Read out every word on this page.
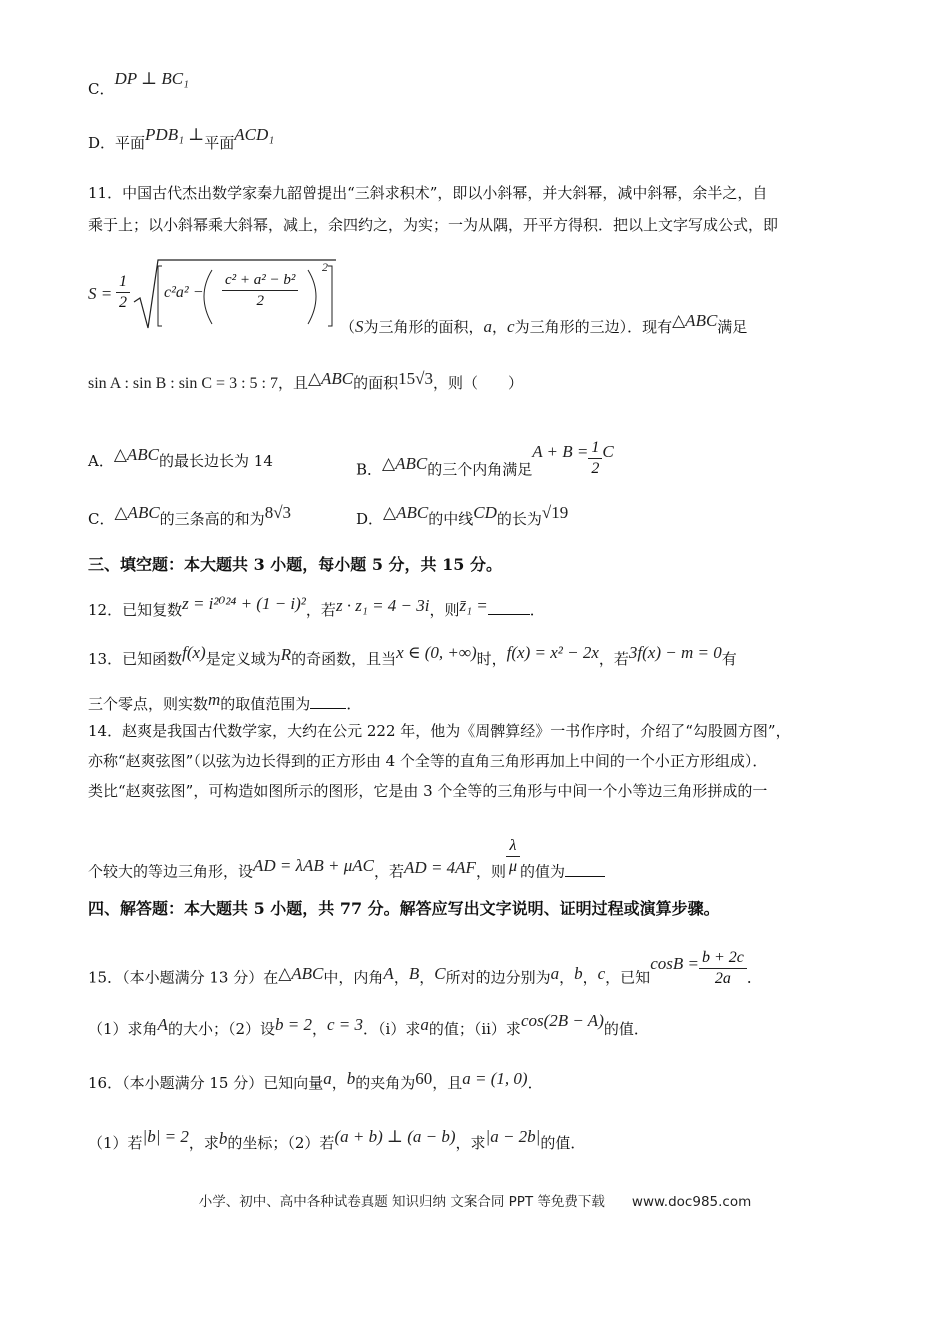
C．DP ⊥ BC₁
D．平面PDB₁ ⊥平面ACD₁
11．中国古代杰出数学家秦九韶曾提出“三斜求积术”，即以小斜幂，并大斜幂，减中斜幂，余半之，自
乘于上；以小斜幂乘大斜幂，减上，余四约之，为实；一为从隅，开平方得积．把以上文字写成公式，即
$S = \frac{1}{2} c^2a^2 - \frac{\text{c² + a² − b²}}{2}$
2
（S为三角形的面积，a，c为三角形的三边）．现有△ABC满足
sin A : sin B : sin C = 3 : 5 : 7，且△ABC的面积15√3，则（　　）
A．△ABC的最长边长为 14	B．△ABC的三个内角满足$A + B = \frac{1}{2}$ C
C．△ABC的三条高的和为8√3	D．△ABC的中线CD的长为√19
三、填空题：本大题共 3 小题，每小题 5 分，共 15 分。
12．已知复数z = i²⁰²⁴ + (1 − i)²，若z · z₁ = 4 − 3i，则z̄₁ =	．
13．已知函数f(x)是定义域为R的奇函数，且当x ∈ (0, +∞)时，f(x) = x² − 2x，若3f(x) − m = 0有
三个零点，则实数m的取值范围为 ．
14．赵爽是我国古代数学家，大约在公元 222 年，他为《周髀算经》一书作序时，介绍了“勾股圆方图”，
亦称“赵爽弦图”（以弦为边长得到的正方形由 4 个全等的直角三角形再加上中间的一个小正方形组成）．
类比“赵爽弦图”，可构造如图所示的图形，它是由 3 个全等的三角形与中间一个小等边三角形拼成的一
个较大的等边三角形，设AD = λAB + μAC，若AD = 4AF，则 $\frac{\lambda}{\mu}$ 的值为
四、解答题：本大题共 5 小题，共 77 分。解答应写出文字说明、证明过程或演算步骤。
15．（本小题满分 13 分）在△ABC中，内角A，B，C所对的边分别为a，b，c，已知$\cos B = \frac{b + 2c}{2a}$ ．
（1）求角A的大小；（2）设b = 2，c = 3．（i）求a的值；（ii）求cos(2B − A)的值．
16．（本小题满分 15 分）已知向量a，b的夹角为60，且a = (1, 0)．
（1）若|b| = 2，求b的坐标；（2）若(a + b) ⊥ (a − b)，求|a − 2b|的值．
小学、初中、高中各种试卷真题 知识归纳 文案合同 PPT 等免费下载　　www.doc985.com
